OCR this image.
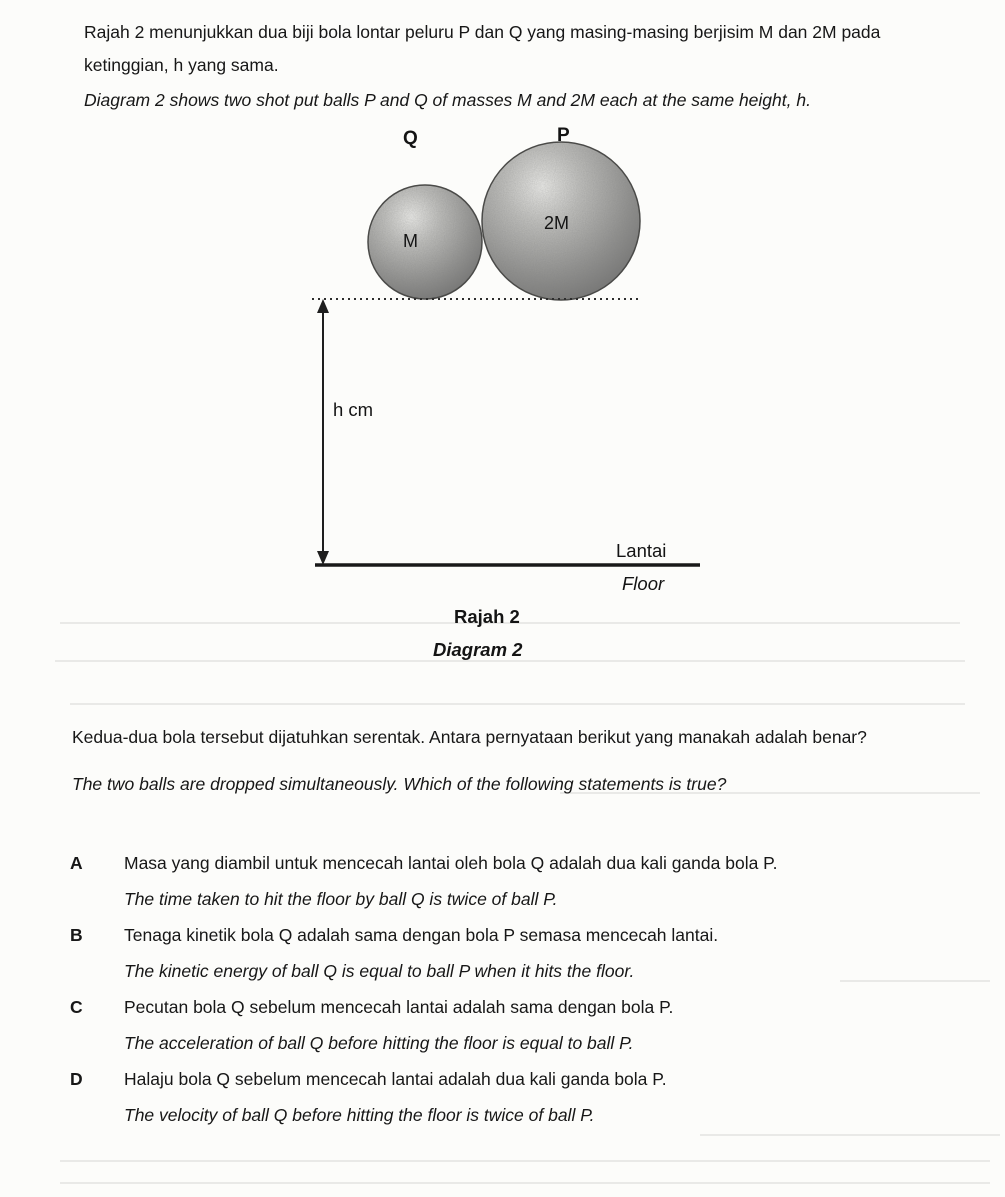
Rajah 2 menunjukkan dua biji bola lontar peluru P dan Q yang masing-masing berjisim M dan 2M pada ketinggian, h yang sama.

Diagram 2 shows two shot put balls P and Q of masses M and 2M each at the same height, h.

Q	P
M
2M
h cm
Lantai
Floor
Rajah 2
Diagram 2

Kedua-dua bola tersebut dijatuhkan serentak. Antara pernyataan berikut yang manakah adalah benar?

The two balls are dropped simultaneously. Which of the following statements is true?

A	Masa yang diambil untuk mencecah lantai oleh bola Q adalah dua kali ganda bola P.
The time taken to hit the floor by ball Q is twice of ball P.
B	Tenaga kinetik bola Q adalah sama dengan bola P semasa mencecah lantai.
The kinetic energy of ball Q is equal to ball P when it hits the floor.
C	Pecutan bola Q sebelum mencecah lantai adalah sama dengan bola P.
The acceleration of ball Q before hitting the floor is equal to ball P.
D	Halaju bola Q sebelum mencecah lantai adalah dua kali ganda bola P.
The velocity of ball Q before hitting the floor is twice of ball P.
